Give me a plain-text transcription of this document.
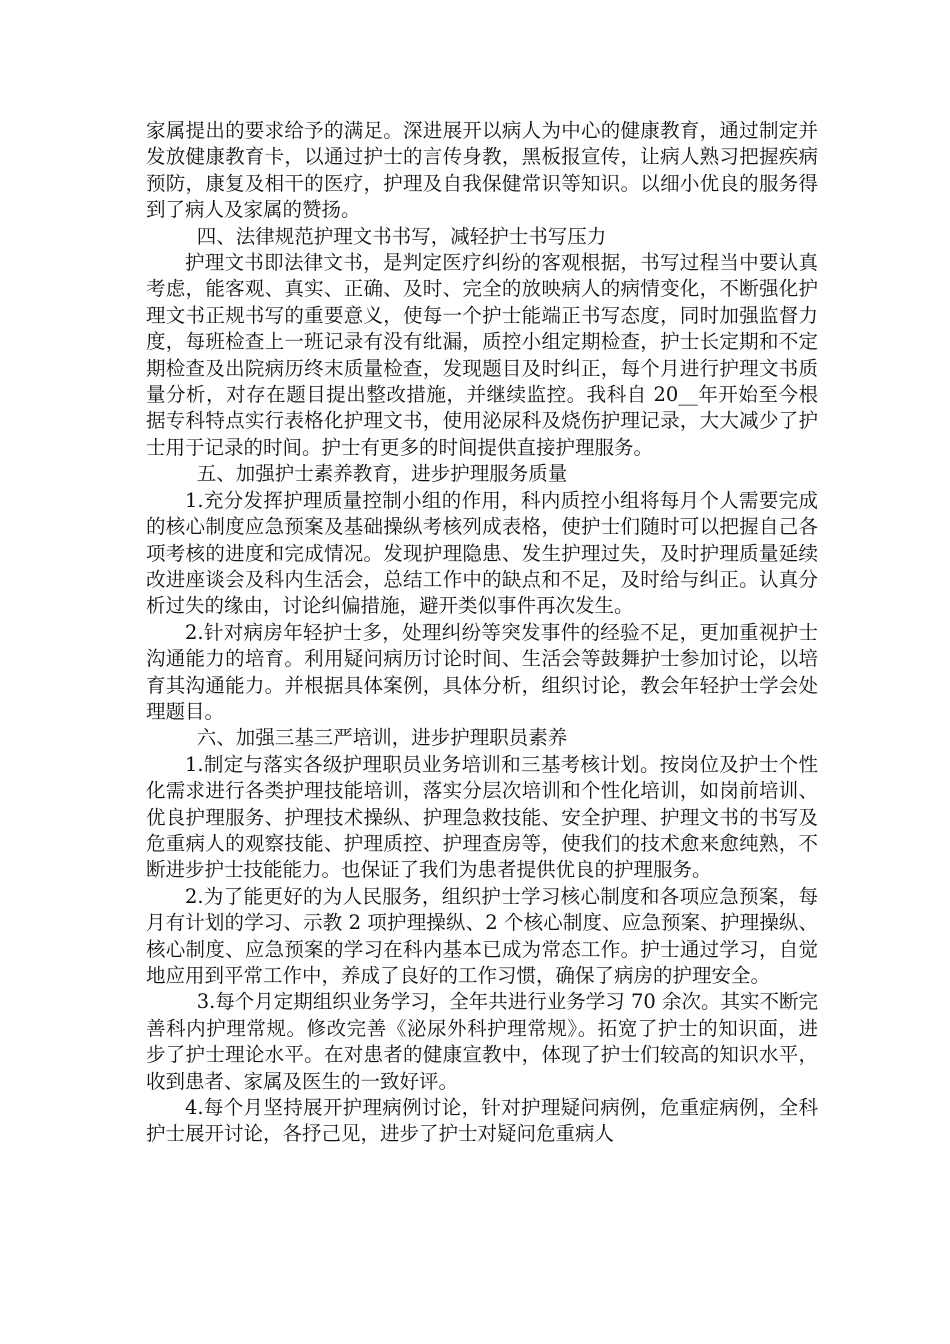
家属提出的要求给予的满足。深进展开以病人为中心的健康教育，通过制定并发放健康教育卡，以通过护士的言传身教，黑板报宣传，让病人熟习把握疾病预防，康复及相干的医疗，护理及自我保健常识等知识。以细小优良的服务得到了病人及家属的赞扬。

四、法律规范护理文书书写，减轻护士书写压力

护理文书即法律文书，是判定医疗纠纷的客观根据，书写过程当中要认真考虑，能客观、真实、正确、及时、完全的放映病人的病情变化，不断强化护理文书正规书写的重要意义，使每一个护士能端正书写态度，同时加强监督力度，每班检查上一班记录有没有纰漏，质控小组定期检查，护士长定期和不定期检查及出院病历终末质量检查，发现题目及时纠正，每个月进行护理文书质量分析，对存在题目提出整改措施，并继续监控。我科自 20__年开始至今根据专科特点实行表格化护理文书，使用泌尿科及烧伤护理记录，大大减少了护士用于记录的时间。护士有更多的时间提供直接护理服务。

五、加强护士素养教育，进步护理服务质量

1.充分发挥护理质量控制小组的作用，科内质控小组将每月个人需要完成的核心制度应急预案及基础操纵考核列成表格，使护士们随时可以把握自己各项考核的进度和完成情况。发现护理隐患、发生护理过失，及时护理质量延续改进座谈会及科内生活会，总结工作中的缺点和不足，及时给与纠正。认真分析过失的缘由，讨论纠偏措施，避开类似事件再次发生。

2.针对病房年轻护士多，处理纠纷等突发事件的经验不足，更加重视护士沟通能力的培育。利用疑问病历讨论时间、生活会等鼓舞护士参加讨论，以培育其沟通能力。并根据具体案例，具体分析，组织讨论，教会年轻护士学会处理题目。

六、加强三基三严培训，进步护理职员素养

1.制定与落实各级护理职员业务培训和三基考核计划。按岗位及护士个性化需求进行各类护理技能培训，落实分层次培训和个性化培训，如岗前培训、优良护理服务、护理技术操纵、护理急救技能、安全护理、护理文书的书写及危重病人的观察技能、护理质控、护理查房等，使我们的技术愈来愈纯熟，不断进步护士技能能力。也保证了我们为患者提供优良的护理服务。

2.为了能更好的为人民服务，组织护士学习核心制度和各项应急预案，每月有计划的学习、示教 2 项护理操纵、2 个核心制度、应急预案、护理操纵、核心制度、应急预案的学习在科内基本已成为常态工作。护士通过学习，自觉地应用到平常工作中，养成了良好的工作习惯，确保了病房的护理安全。

3.每个月定期组织业务学习，全年共进行业务学习 70 余次。其实不断完善科内护理常规。修改完善《泌尿外科护理常规》。拓宽了护士的知识面，进步了护士理论水平。在对患者的健康宣教中，体现了护士们较高的知识水平，收到患者、家属及医生的一致好评。

4.每个月坚持展开护理病例讨论，针对护理疑问病例，危重症病例，全科护士展开讨论，各抒己见，进步了护士对疑问危重病人
